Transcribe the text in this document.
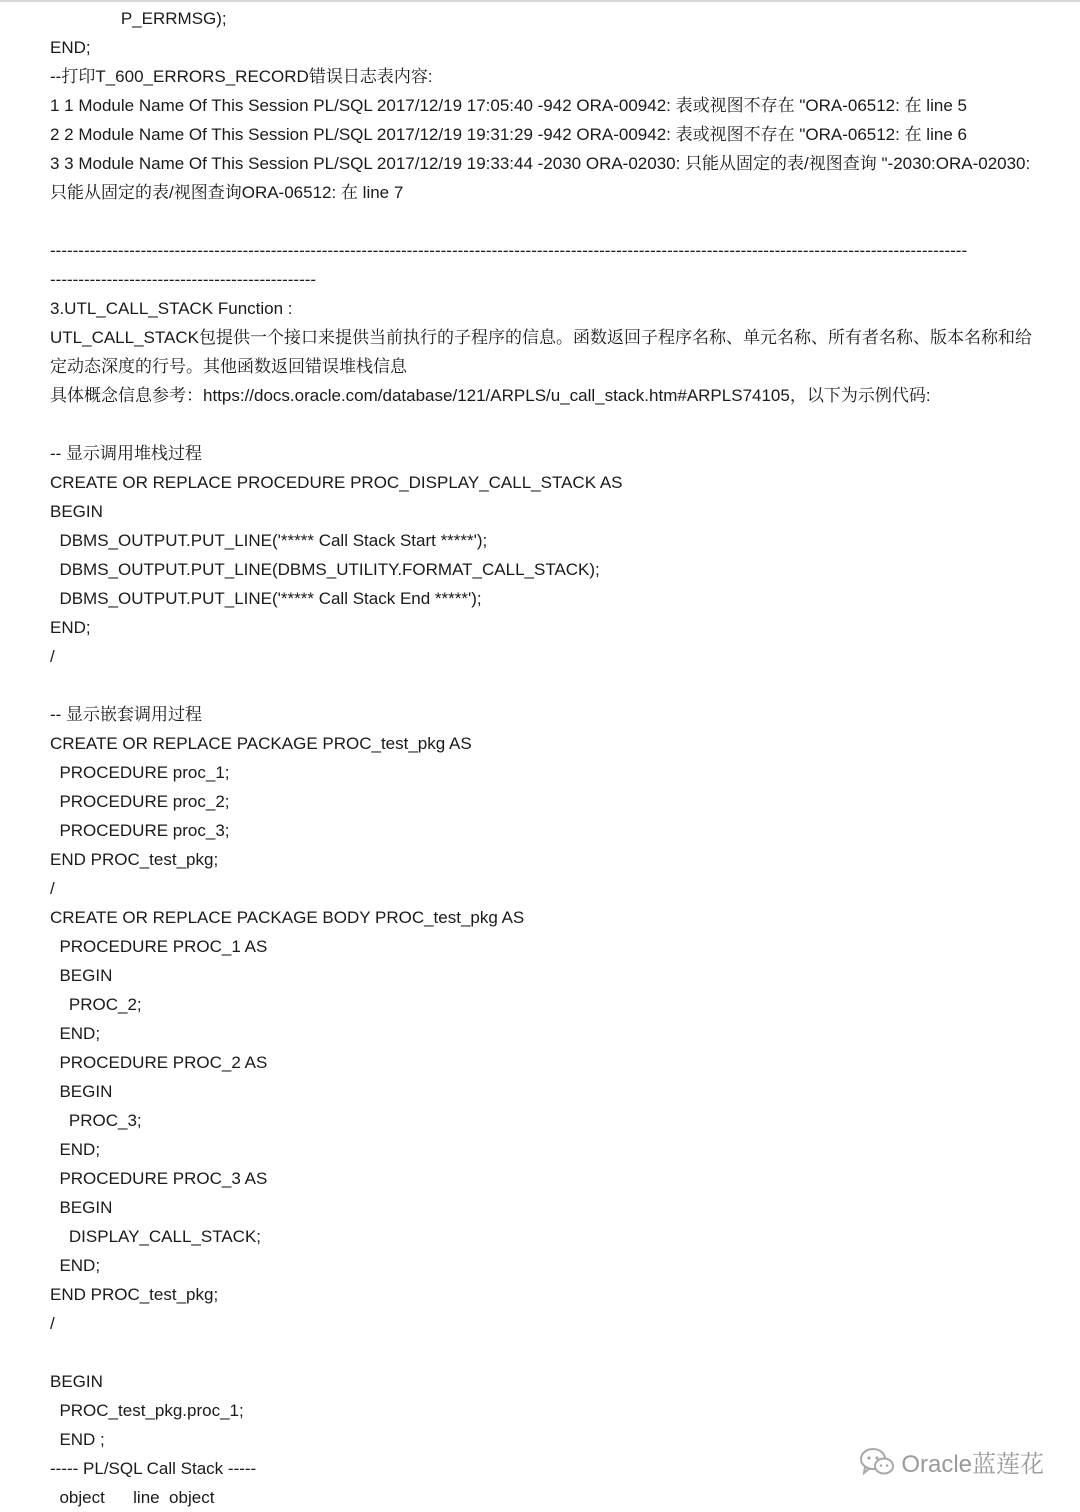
P_ERRMSG);
END;
--打印T_600_ERRORS_RECORD错误日志表内容:
1 1 Module Name Of This Session PL/SQL 2017/12/19 17:05:40 -942 ORA-00942: 表或视图不存在 "ORA-06512: 在 line 5
2 2 Module Name Of This Session PL/SQL 2017/12/19 19:31:29 -942 ORA-00942: 表或视图不存在 "ORA-06512: 在 line 6
3 3 Module Name Of This Session PL/SQL 2017/12/19 19:33:44 -2030 ORA-02030: 只能从固定的表/视图查询 "-2030:ORA-02030: 只能从固定的表/视图查询ORA-06512: 在 line 7
------------------------------------------------------------------------------------------------------------------------------------------------------------------
-----------------------------------------------
3.UTL_CALL_STACK Function :
UTL_CALL_STACK包提供一个接口来提供当前执行的子程序的信息。函数返回子程序名称、单元名称、所有者名称、版本名称和给定动态深度的行号。其他函数返回错误堆栈信息
具体概念信息参考：https://docs.oracle.com/database/121/ARPLS/u_call_stack.htm#ARPLS74105，以下为示例代码:
-- 显示调用堆栈过程
CREATE OR REPLACE PROCEDURE PROC_DISPLAY_CALL_STACK AS
BEGIN
DBMS_OUTPUT.PUT_LINE('***** Call Stack Start *****');
DBMS_OUTPUT.PUT_LINE(DBMS_UTILITY.FORMAT_CALL_STACK);
DBMS_OUTPUT.PUT_LINE('***** Call Stack End *****');
END;
/
-- 显示嵌套调用过程
CREATE OR REPLACE PACKAGE PROC_test_pkg AS
PROCEDURE proc_1;
PROCEDURE proc_2;
PROCEDURE proc_3;
END PROC_test_pkg;
/
CREATE OR REPLACE PACKAGE BODY PROC_test_pkg AS
PROCEDURE PROC_1 AS
BEGIN
PROC_2;
END;
PROCEDURE PROC_2 AS
BEGIN
PROC_3;
END;
PROCEDURE PROC_3 AS
BEGIN
DISPLAY_CALL_STACK;
END;
END PROC_test_pkg;
/
BEGIN
PROC_test_pkg.proc_1;
END ;
----- PL/SQL Call Stack -----
object      line  object
Oracle蓝莲花
